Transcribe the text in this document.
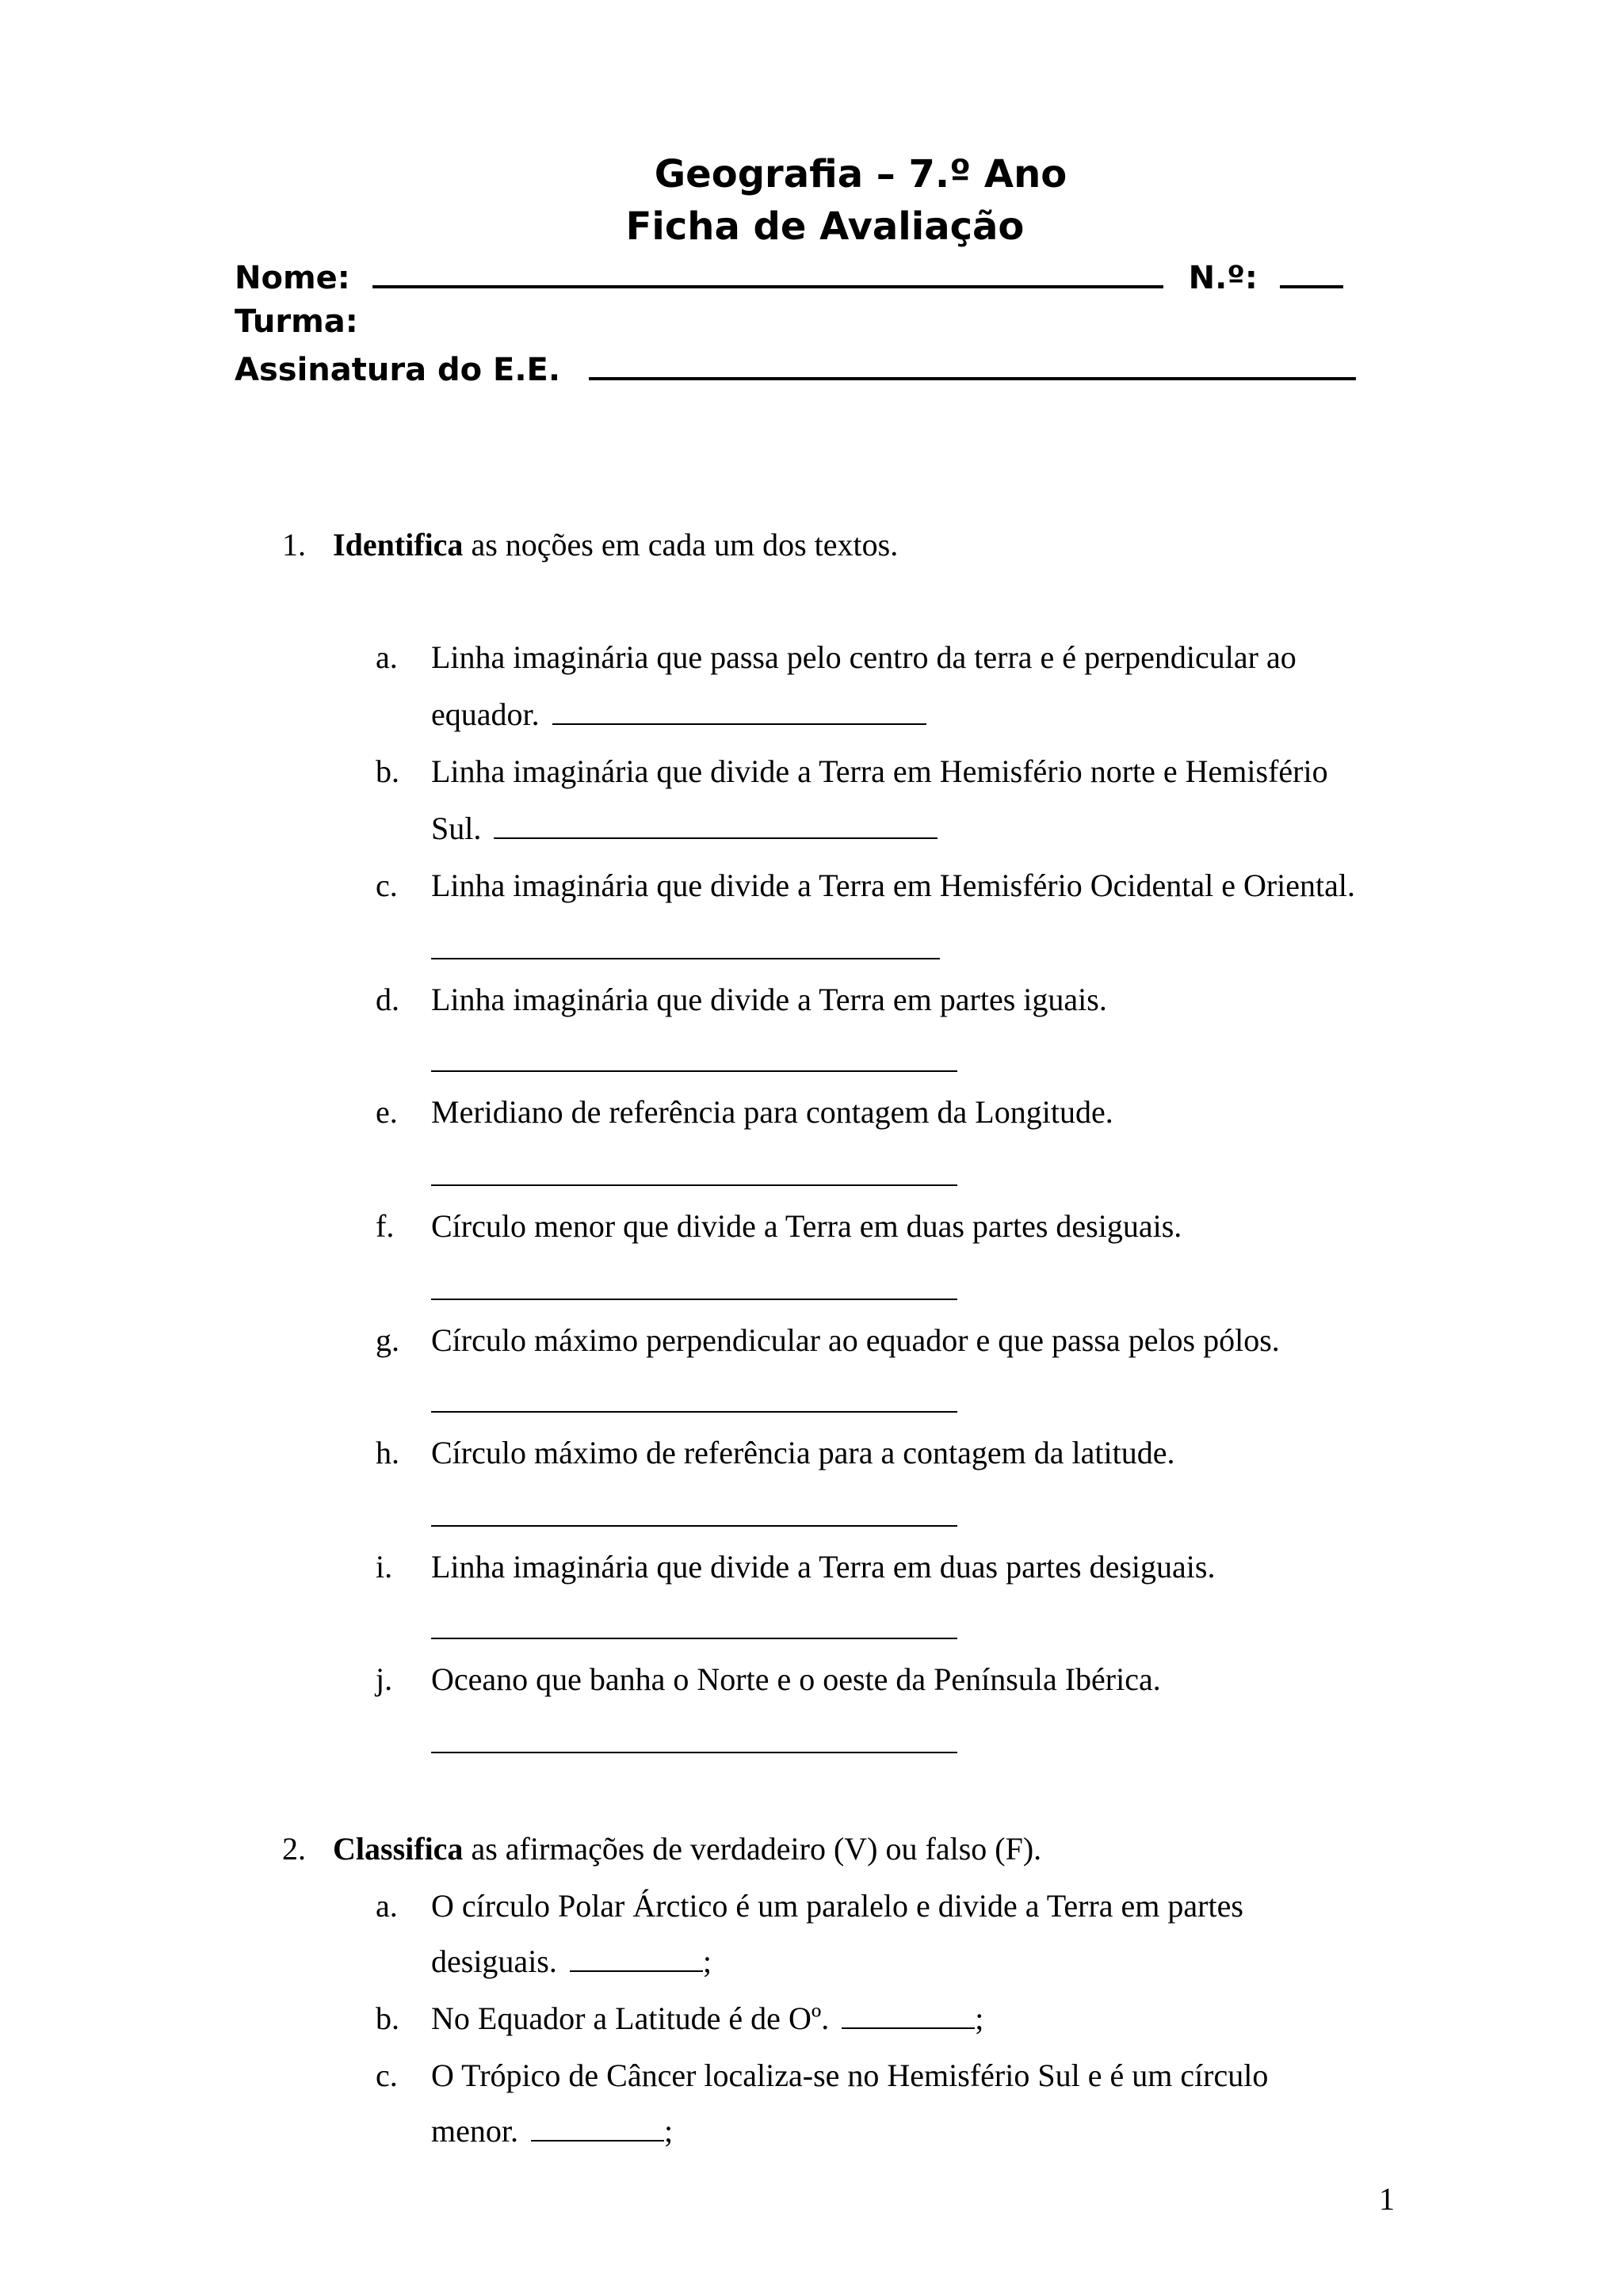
Geografia – 7.º Ano
Ficha de Avaliação
Nome:	N.º:
Turma:
Assinatura do E.E.
1. Identifica as noções em cada um dos textos.
a.	Linha imaginária que passa pelo centro da terra e é perpendicular ao
equador.
b. Linha imaginária que divide a Terra em Hemisfério norte e Hemisfério
Sul.
c.	Linha imaginária que divide a Terra em Hemisfério Ocidental e Oriental.
d. Linha imaginária que divide a Terra em partes iguais.
e.	Meridiano de referência para contagem da Longitude.
f.	Círculo menor que divide a Terra em duas partes desiguais.
g. Círculo máximo perpendicular ao equador e que passa pelos pólos.
h. Círculo máximo de referência para a contagem da latitude.
i.	Linha imaginária que divide a Terra em duas partes desiguais.
j.	Oceano que banha o Norte e o oeste da Península Ibérica.
2. Classifica as afirmações de verdadeiro (V) ou falso (F).
a.	O círculo Polar Árctico é um paralelo e divide a Terra em partes
desiguais.	;
b. No Equador a Latitude é de Oº.	;
c.	O Trópico de Câncer localiza-se no Hemisfério Sul e é um círculo
menor.	;
1
